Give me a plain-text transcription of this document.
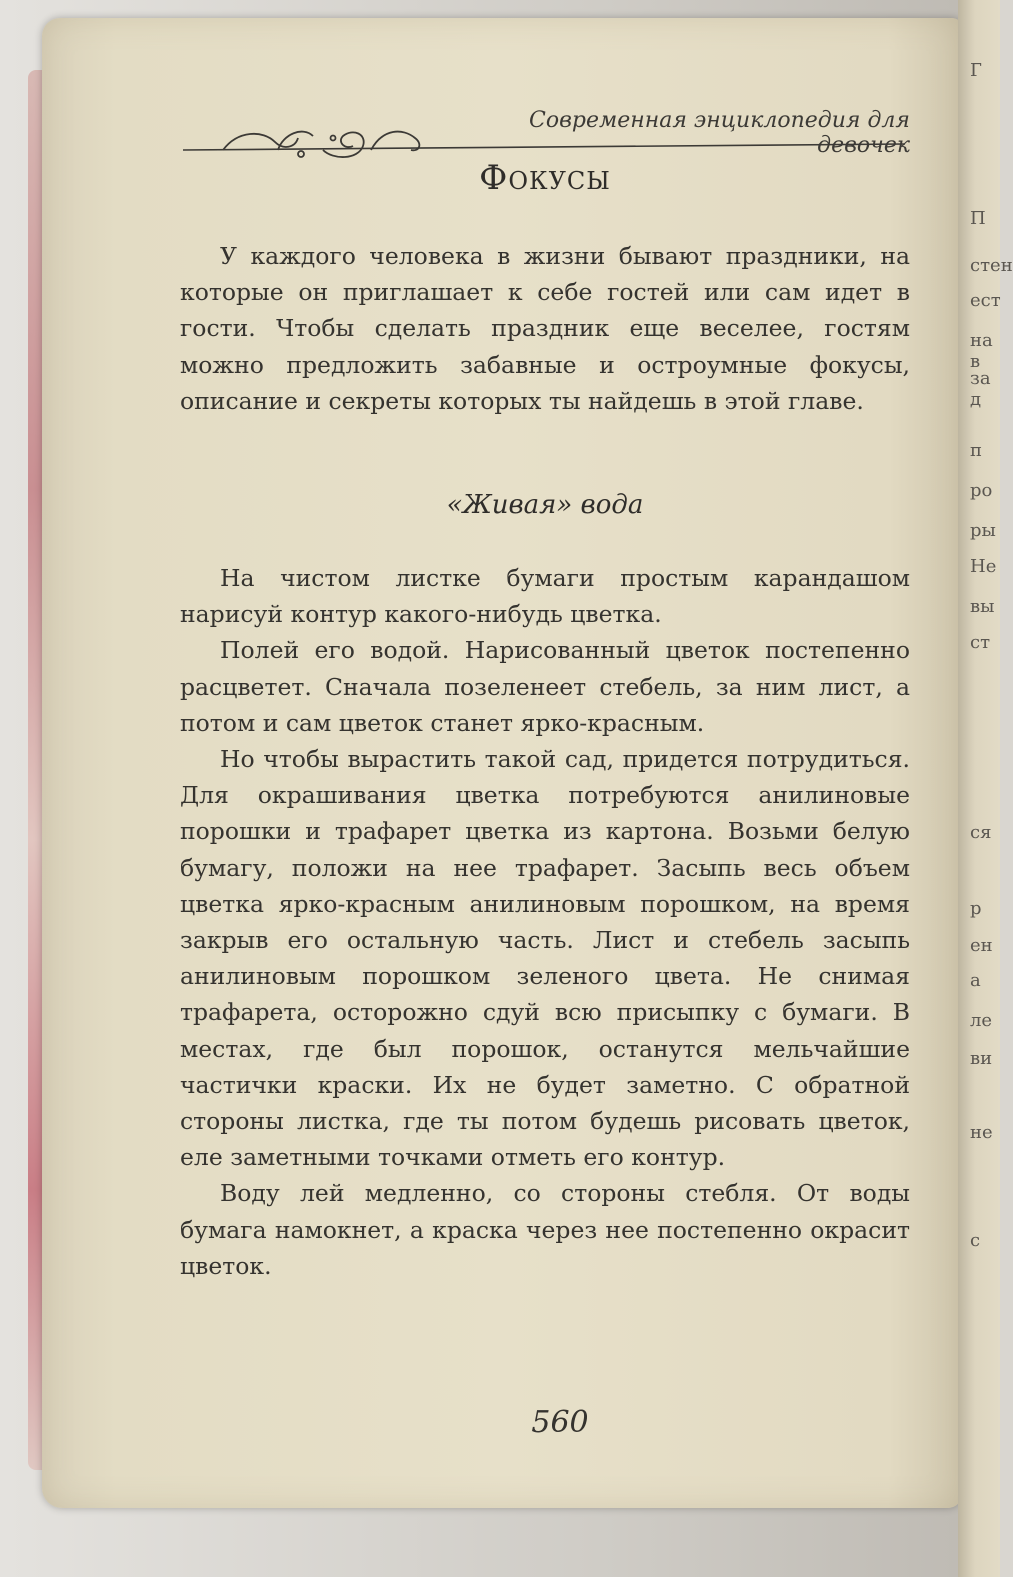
Г
П
стен
ест
на в
за д
п
ро
ры
Не
вы
ст
ся
р
ен
а
ле
ви
не
с
Современная энциклопедия для девочек
Фокусы

У каждого человека в жизни бывают праздники, на которые он приглашает к себе гостей или сам идет в гости. Чтобы сделать праздник еще веселее, гостям можно предложить забавные и остроумные фокусы, описание и секреты которых ты найдешь в этой главе.

«Живая» вода

На чистом листке бумаги простым карандашом нарисуй контур какого-нибудь цветка.

Полей его водой. Нарисованный цветок постепенно расцветет. Сначала позеленеет стебель, за ним лист, а потом и сам цветок станет ярко-красным.

Но чтобы вырастить такой сад, придется потрудиться. Для окрашивания цветка потребуются анилиновые порошки и трафарет цветка из картона. Возьми белую бумагу, положи на нее трафарет. Засыпь весь объем цветка ярко-красным анилиновым порошком, на время закрыв его остальную часть. Лист и стебель засыпь анилиновым порошком зеленого цвета. Не снимая трафарета, осторожно сдуй всю присыпку с бумаги. В местах, где был порошок, останутся мельчайшие частички краски. Их не будет заметно. С обратной стороны листка, где ты потом будешь рисовать цветок, еле заметными точками отметь его контур.

Воду лей медленно, со стороны стебля. От воды бумага намокнет, а краска через нее постепенно окрасит цветок.

560
